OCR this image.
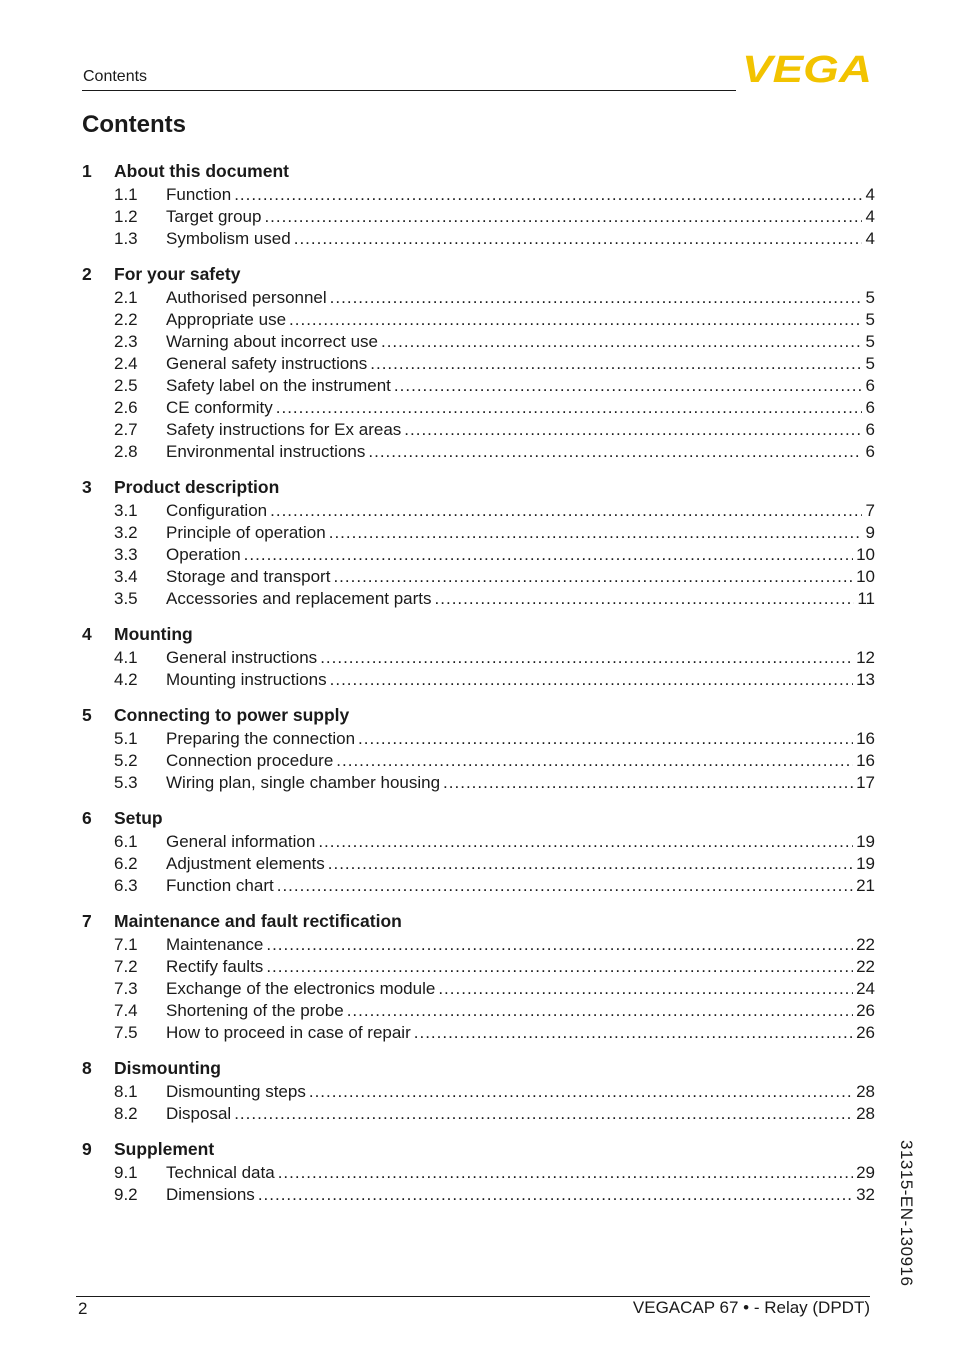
Contents	VEGA
Contents
1	About this document
1.1	Function .....	4
1.2	Target group .....	4
1.3	Symbolism used .....	4
2	For your safety
2.1	Authorised personnel .....	5
2.2	Appropriate use .....	5
2.3	Warning about incorrect use .....	5
2.4	General safety instructions .....	5
2.5	Safety label on the instrument .....	6
2.6	CE conformity .....	6
2.7	Safety instructions for Ex areas .....	6
2.8	Environmental instructions .....	6
3	Product description
3.1	Configuration .....	7
3.2	Principle of operation .....	9
3.3	Operation .....	10
3.4	Storage and transport .....	10
3.5	Accessories and replacement parts .....	11
4	Mounting
4.1	General instructions .....	12
4.2	Mounting instructions .....	13
5	Connecting to power supply
5.1	Preparing the connection .....	16
5.2	Connection procedure .....	16
5.3	Wiring plan, single chamber housing .....	17
6	Setup
6.1	General information .....	19
6.2	Adjustment elements .....	19
6.3	Function chart .....	21
7	Maintenance and fault rectification
7.1	Maintenance .....	22
7.2	Rectify faults .....	22
7.3	Exchange of the electronics module .....	24
7.4	Shortening of the probe .....	26
7.5	How to proceed in case of repair .....	26
8	Dismounting
8.1	Dismounting steps .....	28
8.2	Disposal .....	28
9	Supplement
9.1	Technical data .....	29
9.2	Dimensions .....	32 31315-EN-130916
2	VEGACAP 67 • - Relay (DPDT)
